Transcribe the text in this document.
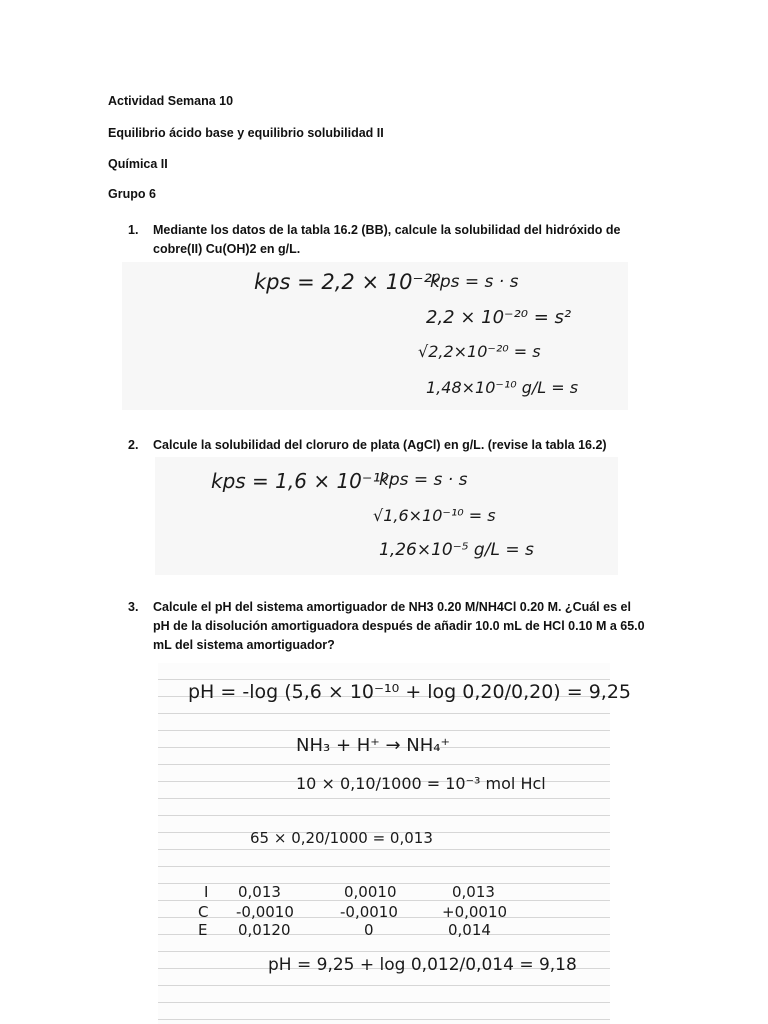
Actividad Semana 10
Equilibrio ácido base y equilibrio solubilidad II
Química II
Grupo 6
1. Mediante los datos de la tabla 16.2 (BB), calcule la solubilidad del hidróxido de cobre(II) Cu(OH)2 en g/L.
kps = 2,2 × 10⁻²⁰
kps = s · s
2,2 × 10⁻²⁰ = s²
√2,2×10⁻²⁰ = s
1,48×10⁻¹⁰ g/L = s
2. Calcule la solubilidad del cloruro de plata (AgCl) en g/L. (revise la tabla 16.2)
kps = 1,6 × 10⁻¹⁰
kps = s · s
√1,6×10⁻¹⁰ = s
1,26×10⁻⁵ g/L = s
3. Calcule el pH del sistema amortiguador de NH3 0.20 M/NH4Cl 0.20 M. ¿Cuál es el pH de la disolución amortiguadora después de añadir 10.0 mL de HCl 0.10 M a 65.0 mL del sistema amortiguador?
pH = -log (5,6 × 10⁻¹⁰ + log 0,20/0,20) = 9,25
NH₃ + H⁺ → NH₄⁺
10 × 0,10/1000 = 10⁻³ mol Hcl
65 × 0,20/1000 = 0,013
I
C
E
0,013
-0,0010
0,0120
0,0010
-0,0010
0
0,013
+0,0010
0,014
pH = 9,25 + log 0,012/0,014 = 9,18
